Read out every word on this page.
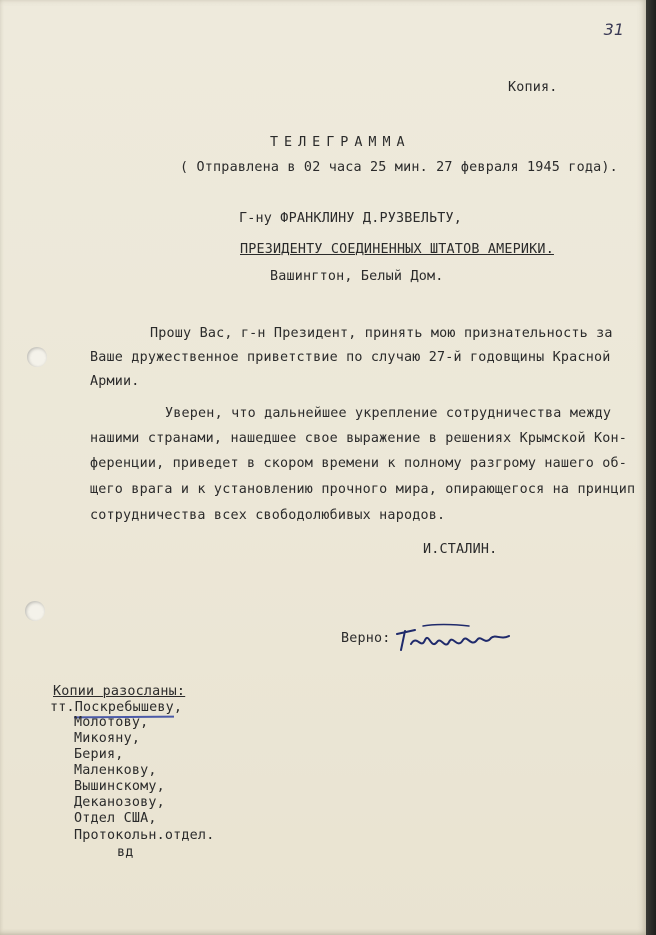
31
Копия.
ТЕЛЕГРАММА
( Отправлена в 02 часа 25 мин. 27 февраля 1945 года).
Г-ну ФРАНКЛИНУ Д.РУЗВЕЛЬТУ,
ПРЕЗИДЕНТУ СОЕДИНЕННЫХ ШТАТОВ АМЕРИКИ.
Вашингтон, Белый Дом.
Прошу Вас, г-н Президент, принять мою признательность за
Ваше дружественное приветствие по случаю 27-й годовщины Красной
Армии.
Уверен, что дальнейшее укрепление сотрудничества между
нашими странами, нашедшее свое выражение в решениях Крымской Кон-
ференции, приведет в скором времени к полному разгрому нашего об-
щего врага и к установлению прочного мира, опирающегося на принцип
сотрудничества всех свободолюбивых народов.
И.СТАЛИН.
Верно:
Копии разосланы:
тт.Поскребышеву,
Молотову,
Микояну,
Берия,
Маленкову,
Вышинскому,
Деканозову,
Отдел США,
Протокольн.отдел.
вд
